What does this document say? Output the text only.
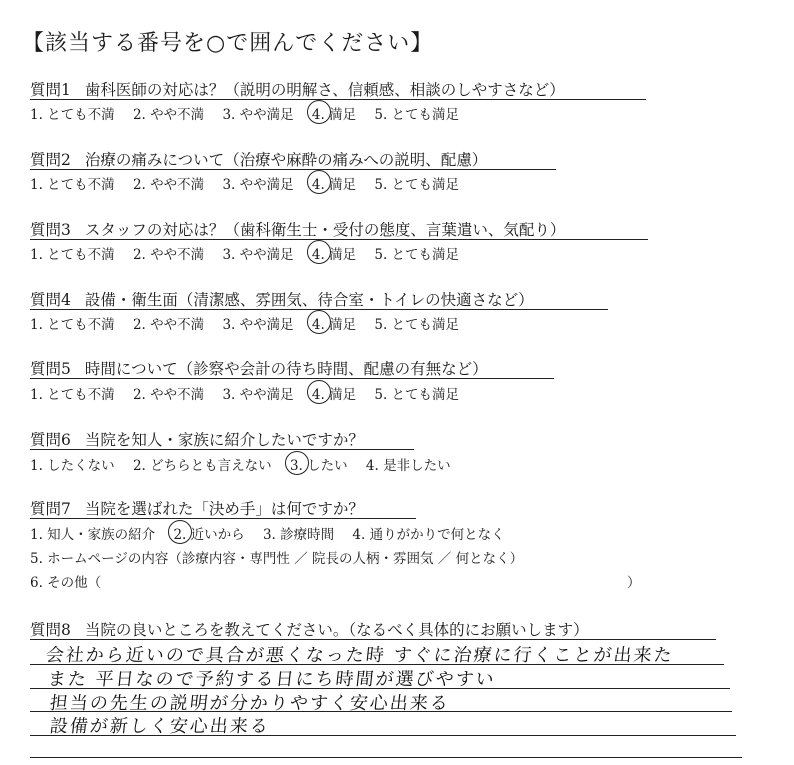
【該当する番号を○で囲んでください】
質問1 歯科医師の対応は？（説明の明解さ、信頼感、相談のしやすさなど）
1. とても不満 2. やや不満 3. やや満足 4. 満足 5. とても満足
質問2 治療の痛みについて（治療や麻酔の痛みへの説明、配慮）
1. とても不満 2. やや不満 3. やや満足 4. 満足 5. とても満足
質問3 スタッフの対応は？（歯科衛生士・受付の態度、言葉遣い、気配り）
1. とても不満 2. やや不満 3. やや満足 4. 満足 5. とても満足
質問4 設備・衛生面（清潔感、雰囲気、待合室・トイレの快適さなど）
1. とても不満 2. やや不満 3. やや満足 4. 満足 5. とても満足
質問5 時間について（診察や会計の待ち時間、配慮の有無など）
1. とても不満 2. やや不満 3. やや満足 4. 満足 5. とても満足
質問6 当院を知人・家族に紹介したいですか？
1. したくない 2. どちらとも言えない 3. したい 4. 是非したい
質問7 当院を選ばれた「決め手」は何ですか？
1. 知人・家族の紹介 2. 近いから 3. 診療時間 4. 通りがかりで何となく
5. ホームページの内容（診療内容・専門性 ／ 院長の人柄・雰囲気 ／ 何となく）
6. その他（	）
質問8 当院の良いところを教えてください。（なるべく具体的にお願いします）
会社から近いので具合が悪くなった時 すぐに治療に行くことが出来た
また 平日なので予約する日にち時間が選びやすい
担当の先生の説明が分かりやすく安心出来る
設備が新しく安心出来る
